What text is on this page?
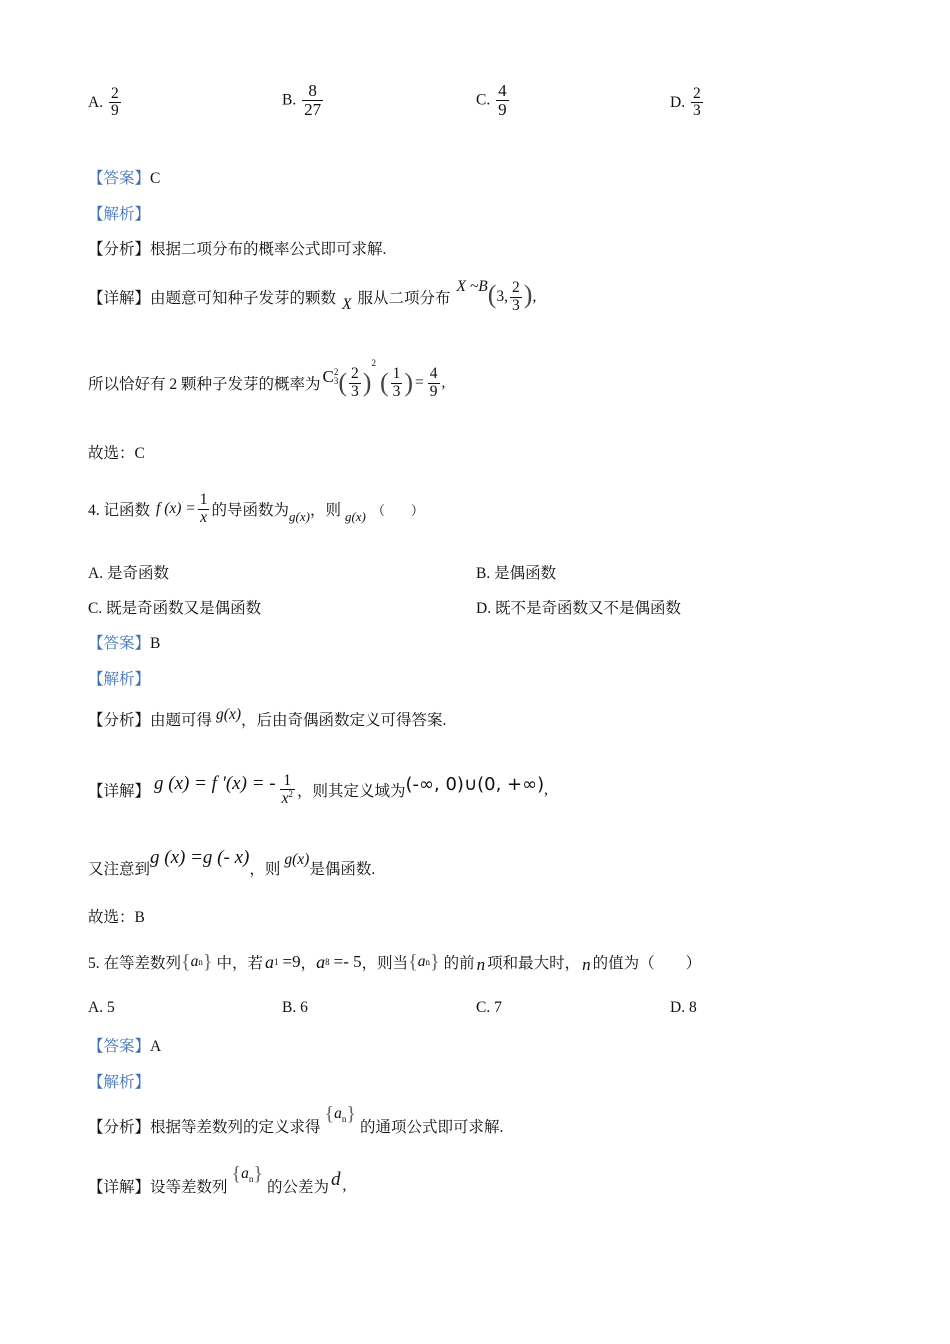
A. $\frac{2}{9}$	B. $\frac{8}{27}$	C. $\frac{4}{9}$	D. $\frac{2}{3}$
【答案】C
【解析】
【分析】根据二项分布的概率公式即可求解.
【详解】 由题意可知种子发芽的颗数 X 服从二项分布
X ~B ( 3, $\frac{2}{3}$ ) ,
所以恰好有 2 颗种子发芽的概率为 C 2
3 ( $\frac{2}{3}$ )
2
( $\frac{1}{3}$ ) = $\frac{4}{9}$ ,
故选：C
4. 记函数 f $(x) = \frac{1}{x}$ 的导函数为 g(x) ，则 g(x) （　　）
A. 是奇函数	B. 是偶函数
C. 既是奇函数又是偶函数	D. 既不是奇函数又不是偶函数
【答案】B
【解析】
【分析】 由题可得 g(x) ，后由奇偶函数定义可得答案.
【详解】 g (x) = f ′(x) = - $\frac{1}{x^2}$ ，则其定义域为 (-∞, 0)∪(0, +∞) ,
又注意到
g (x) =g (- x)
，则
g(x)
是偶函数.
故选：B
5. 在等差数列 { a n } 中，若 a 1 =9 ， a 8 =- 5 ，则当 { a n } 的前 n 项和最大时， n 的值为（　　）
A. 5	B. 6	C. 7	D. 8
【答案】A
【解析】
【分析】 根据等差数列的定义求得
$\{a_n\}$
的通项公式即可求解.
【详解】 设等差数列
$\{a_n\}$
的公差为 d ,
